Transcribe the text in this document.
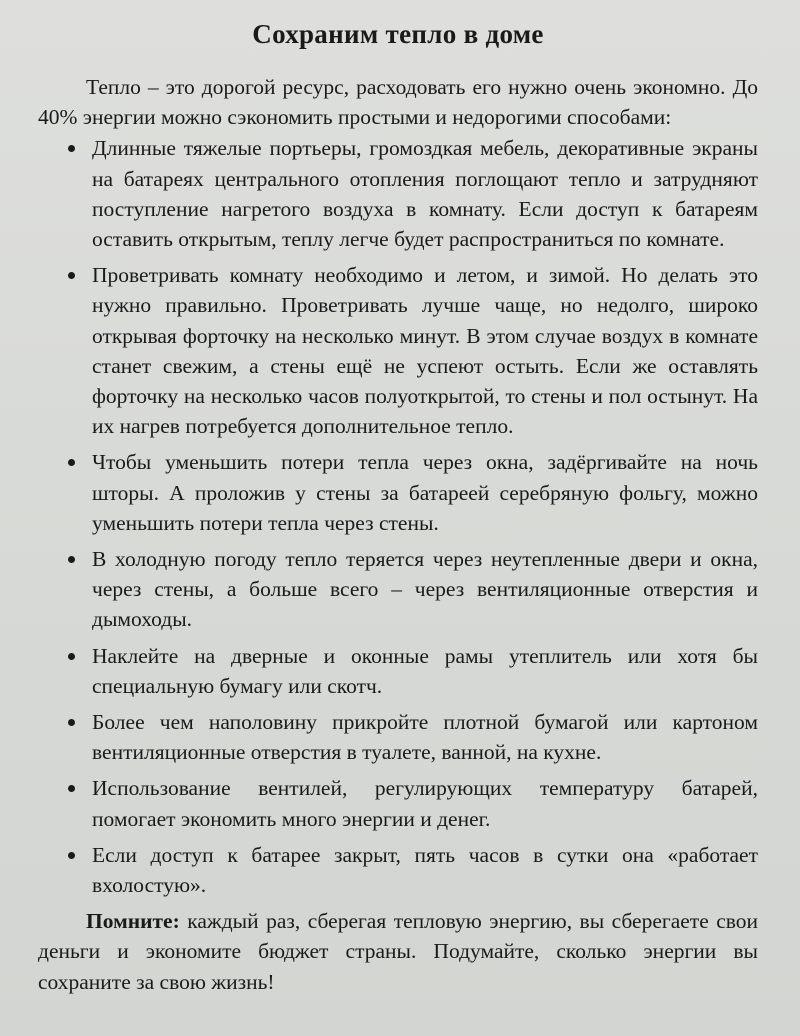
Сохраним тепло в доме

Тепло – это дорогой ресурс, расходовать его нужно очень экономно. До 40% энергии можно сэкономить простыми и недорогими способами:

Длинные тяжелые портьеры, громоздкая мебель, декоративные экраны на батареях центрального отопления поглощают тепло и затрудняют поступление нагретого воздуха в комнату. Если доступ к батареям оставить открытым, теплу легче будет распространиться по комнате.
Проветривать комнату необходимо и летом, и зимой. Но делать это нужно правильно. Проветривать лучше чаще, но недолго, широко открывая форточку на несколько минут. В этом случае воздух в комнате станет свежим, а стены ещё не успеют остыть. Если же оставлять форточку на несколько часов полуоткрытой, то стены и пол остынут. На их нагрев потребуется дополнительное тепло.
Чтобы уменьшить потери тепла через окна, задёргивайте на ночь шторы. А проложив у стены за батареей серебряную фольгу, можно уменьшить потери тепла через стены.
В холодную погоду тепло теряется через неутепленные двери и окна, через стены, а больше всего – через вентиляционные отверстия и дымоходы.
Наклейте на дверные и оконные рамы утеплитель или хотя бы специальную бумагу или скотч.
Более чем наполовину прикройте плотной бумагой или картоном вентиляционные отверстия в туалете, ванной, на кухне.
Использование вентилей, регулирующих температуру батарей, помогает экономить много энергии и денег.
Если доступ к батарее закрыт, пять часов в сутки она «работает вхолостую».

Помните: каждый раз, сберегая тепловую энергию, вы сберегаете свои деньги и экономите бюджет страны. Подумайте, сколько энергии вы сохраните за свою жизнь!
